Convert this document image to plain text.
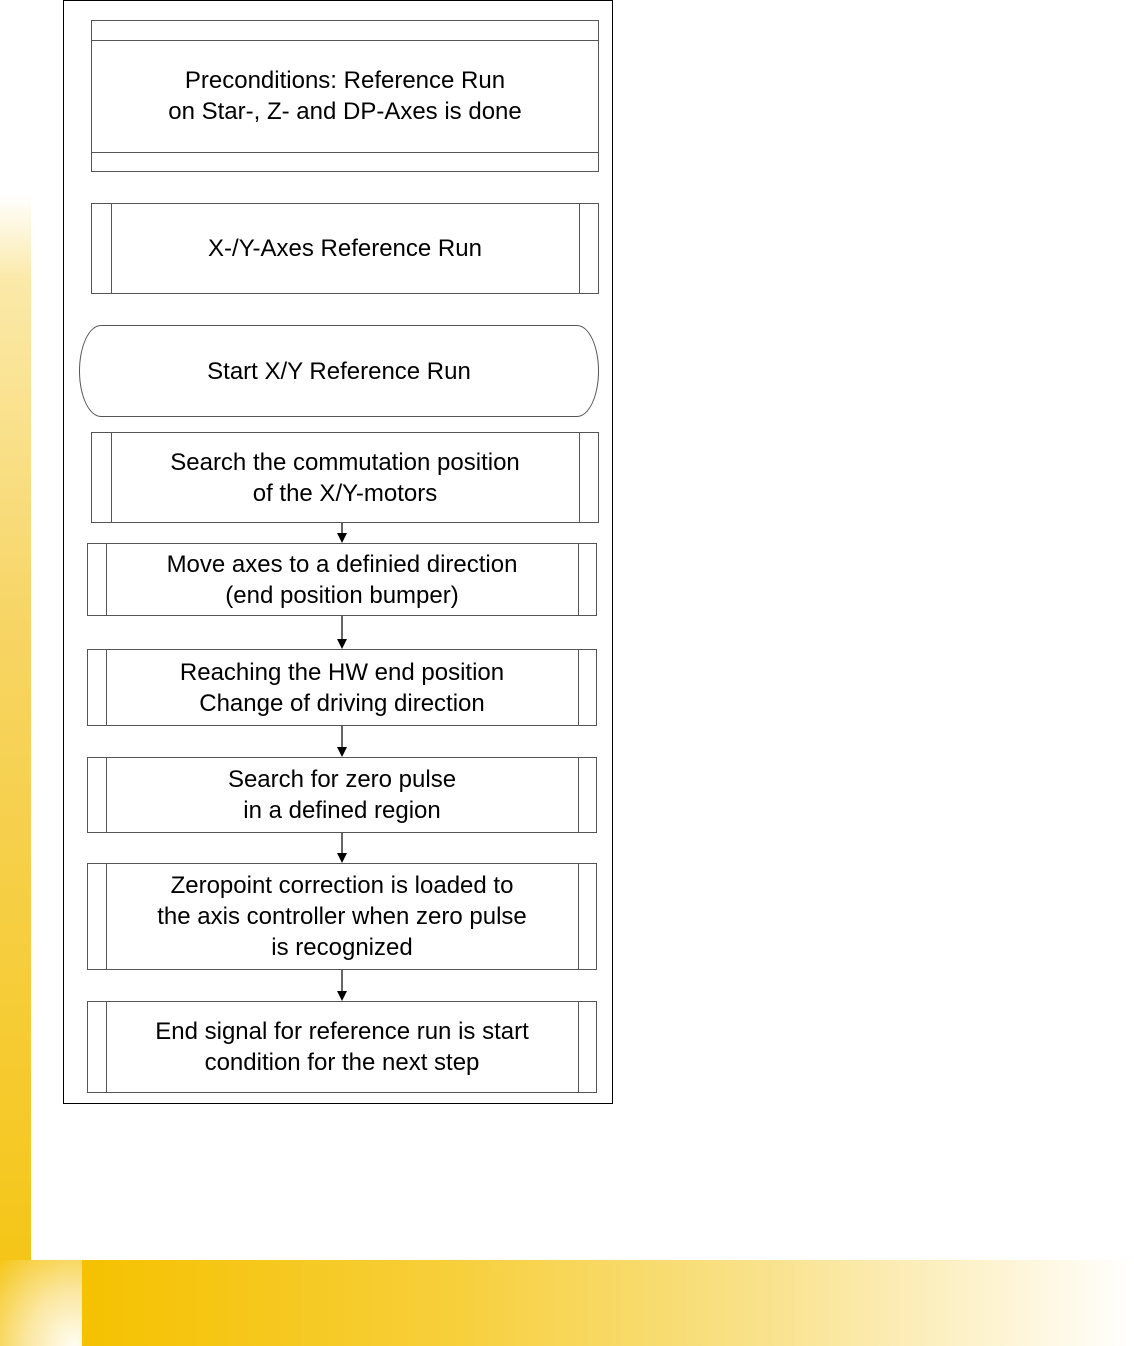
Preconditions: Reference Run
on Star-, Z- and DP-Axes is done
X-/Y-Axes Reference Run
Start X/Y Reference Run
Search the commutation position
of the X/Y-motors
Move axes to a definied direction
(end position bumper)
Reaching the HW end position
Change of driving direction
Search for zero pulse
in a defined region
Zeropoint correction is loaded to
the axis controller when zero pulse
is recognized
End signal for reference run is start
condition for the next step
